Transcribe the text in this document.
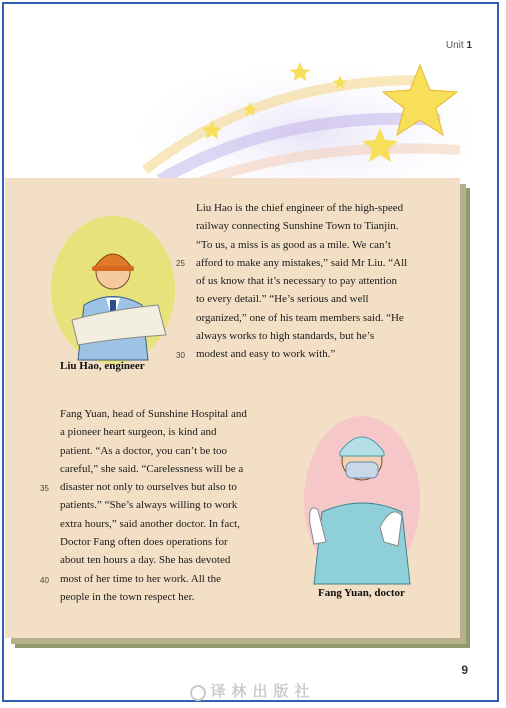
Unit 1
Liu Hao, engineer
Liu Hao is the chief engineer of the high-speed
railway connecting Sunshine Town to Tianjin.
“To us, a miss is as good as a mile. We can’t
afford to make any mistakes,” said Mr Liu. “All
of us know that it’s necessary to pay attention
to every detail.” “He’s serious and well
organized,” one of his team members said. “He
always works to high standards, but he’s
modest and easy to work with.”
25
30
Fang Yuan, head of Sunshine Hospital and
a pioneer heart surgeon, is kind and
patient. “As a doctor, you can’t be too
careful,” she said. “Carelessness will be a
disaster not only to ourselves but also to
patients.” “She’s always willing to work
extra hours,” said another doctor. In fact,
Doctor Fang often does operations for
about ten hours a day. She has devoted
most of her time to her work. All the
people in the town respect her.
35
40
Fang Yuan, doctor
9
译林出版社
